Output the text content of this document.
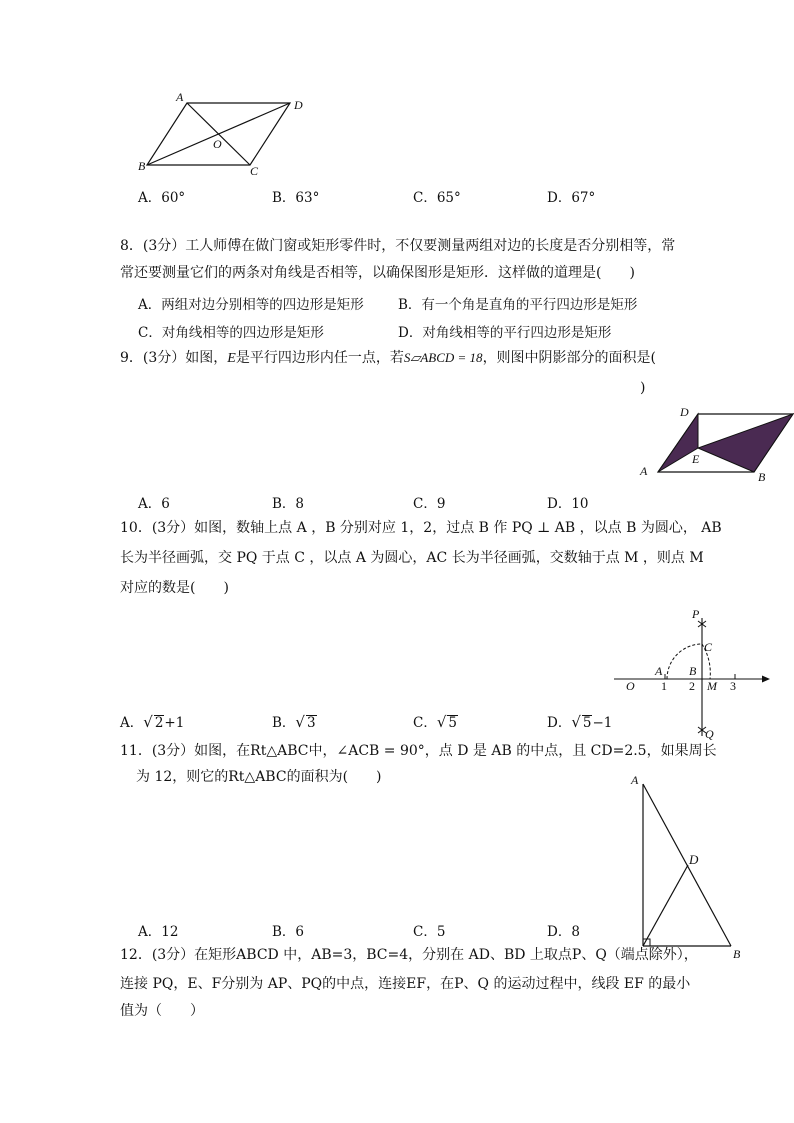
A
D
B
O
C
A．60°	B．63°	C．65°	D．67°
8．(3分）工人师傅在做门窗或矩形零件时，不仅要测量两组对边的长度是否分别相等，常
常还要测量它们的两条对角线是否相等，以确保图形是矩形．这样做的道理是(　　)
A．两组对边分别相等的四边形是矩形	B．有一个角是直角的平行四边形是矩形
C．对角线相等的四边形是矩形	D．对角线相等的平行四边形是矩形
9．(3分）如图，E是平行四边形内任一点，若S▱ABCD = 18，则图中阴影部分的面积是(
)
D
A
E
B
A．6	B．8	C．9	D．10
10．(3分）如图，数轴上点 A ，B 分别对应 1，2，过点 B 作 PQ ⊥ AB ，以点 B 为圆心， AB
长为半径画弧，交 PQ 于点 C ，以点 A 为圆心，AC 长为半径画弧，交数轴于点 M ，则点 M
对应的数是(　　)
P
C
A B
O 1 2 M 3
Q
A．√ 2+1	B．√ 3	C．√ 5	D．√ 5−1
11．(3分）如图，在Rt△ABC中，∠ACB = 90°，点 D 是 AB 的中点，且 CD=2.5，如果周长
为 12，则它的Rt△ABC的面积为(　　)	A
D
B
A．12	B．6	C．5	D．8
12．(3分）在矩形ABCD 中，AB=3，BC=4，分别在 AD、BD 上取点P、Q（端点除外），
连接 PQ，E、F分别为 AP、PQ的中点，连接EF，在P、Q 的运动过程中，线段 EF 的最小
值为（　　）
